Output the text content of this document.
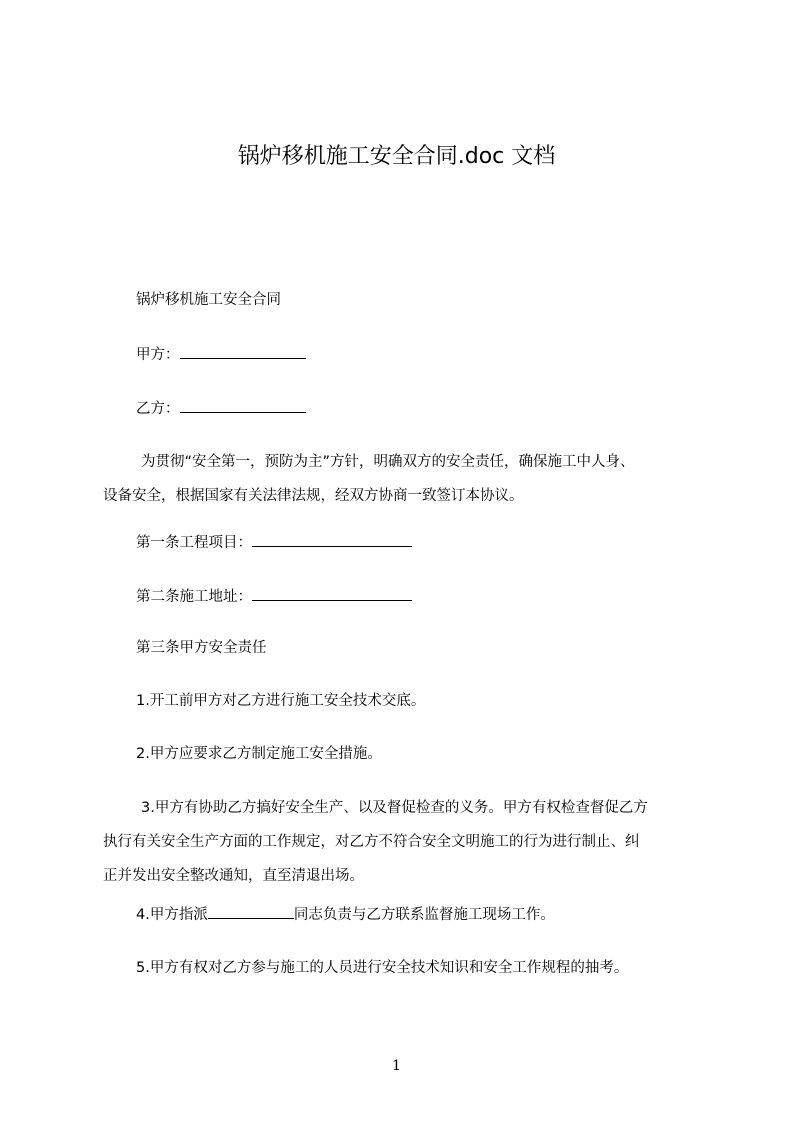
锅炉移机施工安全合同.doc 文档
锅炉移机施工安全合同
甲方：
乙方：

为贯彻“安全第一，预防为主”方针，明确双方的安全责任，确保施工中人身、

设备安全，根据国家有关法律法规，经双方协商一致签订本协议。

第一条工程项目：
第二条施工地址：
第三条甲方安全责任
1.开工前甲方对乙方进行施工安全技术交底。
2.甲方应要求乙方制定施工安全措施。

3.甲方有协助乙方搞好安全生产、以及督促检查的义务。甲方有权检查督促乙方

执行有关安全生产方面的工作规定，对乙方不符合安全文明施工的行为进行制止、纠

正并发出安全整改通知，直至清退出场。

4.甲方指派	同志负责与乙方联系监督施工现场工作。
5.甲方有权对乙方参与施工的人员进行安全技术知识和安全工作规程的抽考。
1
